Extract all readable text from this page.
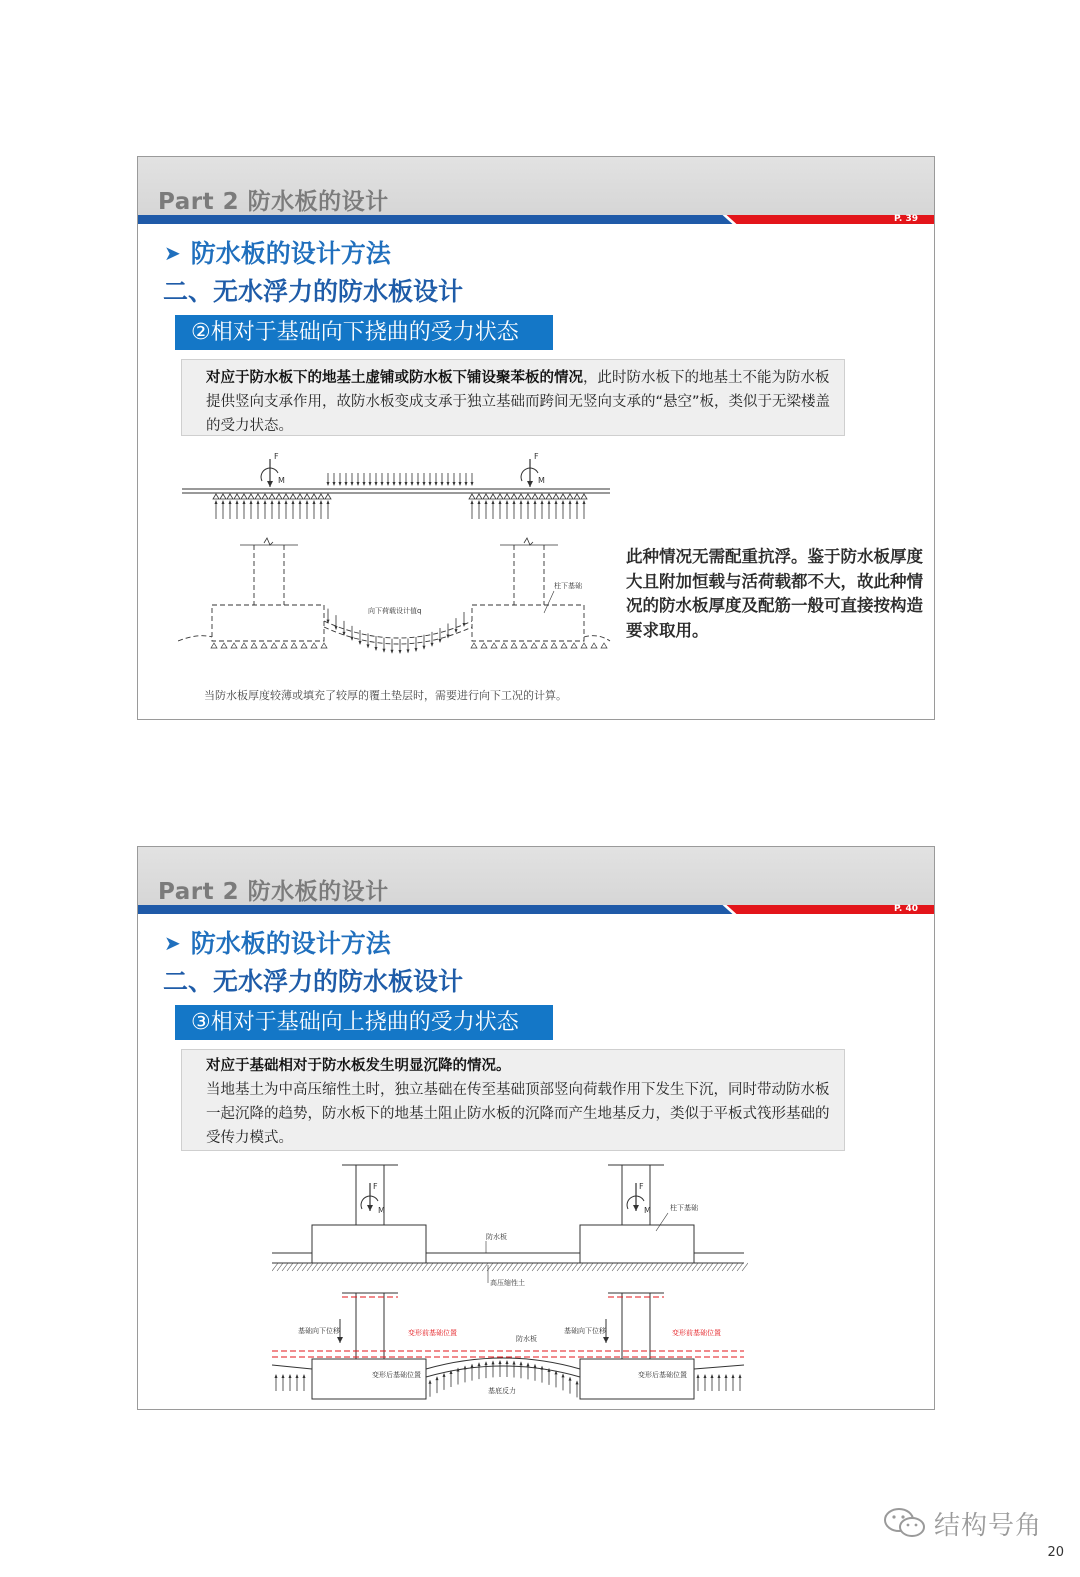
Part 2 防水板的设计
P. 39
➤ 防水板的设计方法
二、无水浮力的防水板设计
②相对于基础向下挠曲的受力状态
对应于防水板下的地基土虚铺或防水板下铺设聚苯板的情况，此时防水板下的地基土不能为防水板提供竖向支承作用，故防水板变成支承于独立基础而跨间无竖向支承的“悬空”板，类似于无梁楼盖的受力状态。
F
M
F
M
向下荷载设计值q
柱下基础
此种情况无需配重抗浮。鉴于防水板厚度大且附加恒载与活荷载都不大，故此种情况的防水板厚度及配筋一般可直接按构造要求取用。
当防水板厚度较薄或填充了较厚的覆土垫层时，需要进行向下工况的计算。
Part 2 防水板的设计
P. 40
➤ 防水板的设计方法
二、无水浮力的防水板设计
③相对于基础向上挠曲的受力状态
对应于基础相对于防水板发生明显沉降的情况。
当地基土为中高压缩性土时，独立基础在传至基础顶部竖向荷载作用下发生下沉，同时带动防水板一起沉降的趋势，防水板下的地基土阻止防水板的沉降而产生地基反力，类似于平板式筏形基础的受传力模式。
F
M
F
M	柱下基础
防水板
高压缩性土
基础向下位移	变形前基础位置
变形后基础位置
防水板
基础向下位移	变形前基础位置
变形后基础位置
基底反力
结构号角
20
